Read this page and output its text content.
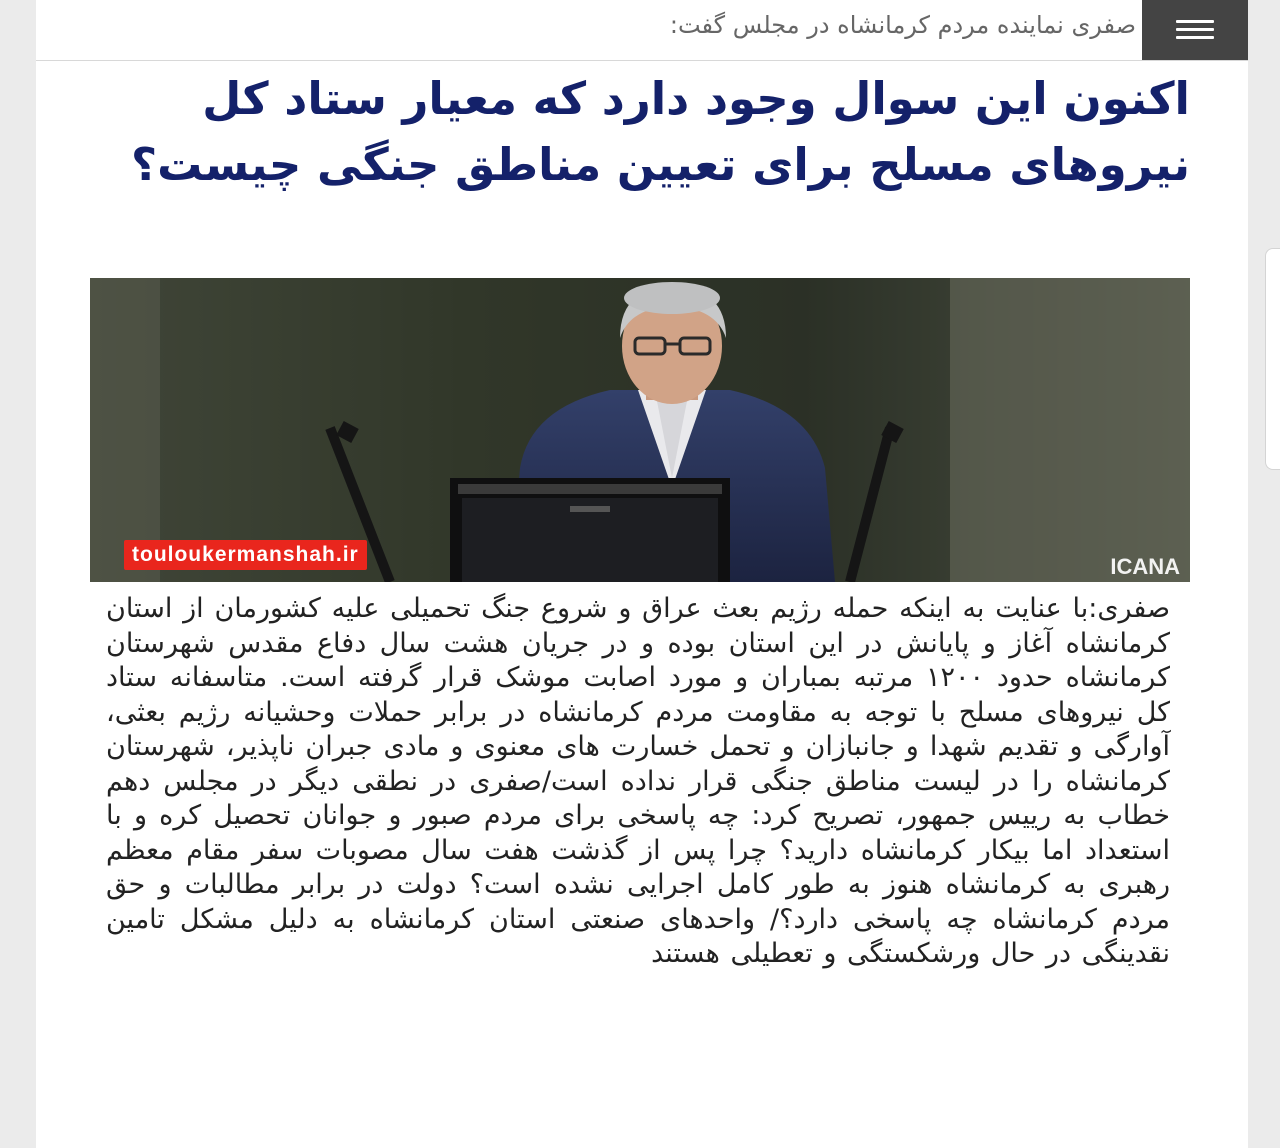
صفری نماینده مردم کرمانشاه در مجلس گفت:
اکنون این سوال وجود دارد که معیار ستاد کل نیروهای مسلح برای تعیین مناطق جنگی چیست؟
touloukermanshah.ir	ICANA

صفری:با عنایت به اینکه حمله رژیم بعث عراق و شروع جنگ تحمیلی علیه کشورمان از استان کرمانشاه آغاز و پایانش در این استان بوده و در جریان هشت سال دفاع مقدس شهرستان کرمانشاه حدود ۱۲۰۰ مرتبه بمباران و مورد اصابت موشک قرار گرفته است. متاسفانه ستاد کل نیروهای مسلح با توجه به مقاومت مردم کرمانشاه در برابر حملات وحشیانه رژیم بعثی، آوارگی و تقدیم شهدا و جانبازان و تحمل خسارت های معنوی و مادی جبران ناپذیر، شهرستان کرمانشاه را در لیست مناطق جنگی قرار نداده است/صفری در نطقی دیگر در مجلس دهم خطاب به رییس جمهور، تصریح کرد: چه پاسخی برای مردم صبور و جوانان تحصیل کره و با استعداد اما بیکار کرمانشاه دارید؟ چرا پس از گذشت هفت سال مصوبات سفر مقام معظم رهبری به کرمانشاه هنوز به طور کامل اجرایی نشده است؟ دولت در برابر مطالبات و حق مردم کرمانشاه چه پاسخی دارد؟/ واحدهای صنعتی استان کرمانشاه به دلیل مشکل تامین نقدینگی در حال ورشکستگی و تعطیلی هستند
